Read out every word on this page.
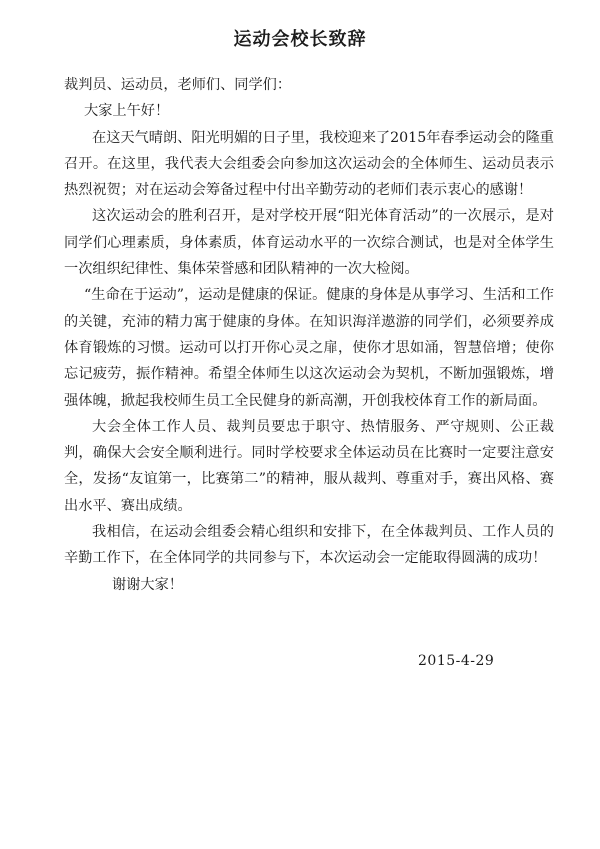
运动会校长致辞

裁判员、运动员，老师们、同学们：

大家上午好！

在这天气晴朗、阳光明媚的日子里，我校迎来了2015年春季运动会的隆重召开。在这里，我代表大会组委会向参加这次运动会的全体师生、运动员表示热烈祝贺；对在运动会筹备过程中付出辛勤劳动的老师们表示衷心的感谢！

这次运动会的胜利召开，是对学校开展“阳光体育活动”的一次展示，是对同学们心理素质，身体素质，体育运动水平的一次综合测试，也是对全体学生一次组织纪律性、集体荣誉感和团队精神的一次大检阅。

“生命在于运动”，运动是健康的保证。健康的身体是从事学习、生活和工作的关键，充沛的精力寓于健康的身体。在知识海洋遨游的同学们，必须要养成体育锻炼的习惯。运动可以打开你心灵之扉，使你才思如涌，智慧倍增；使你忘记疲劳，振作精神。希望全体师生以这次运动会为契机，不断加强锻炼，增强体魄，掀起我校师生员工全民健身的新高潮，开创我校体育工作的新局面。

大会全体工作人员、裁判员要忠于职守、热情服务、严守规则、公正裁判，确保大会安全顺利进行。同时学校要求全体运动员在比赛时一定要注意安全，发扬“友谊第一，比赛第二”的精神，服从裁判、尊重对手，赛出风格、赛出水平、赛出成绩。

我相信，在运动会组委会精心组织和安排下，在全体裁判员、工作人员的辛勤工作下，在全体同学的共同参与下，本次运动会一定能取得圆满的成功！

谢谢大家！

2015-4-29
